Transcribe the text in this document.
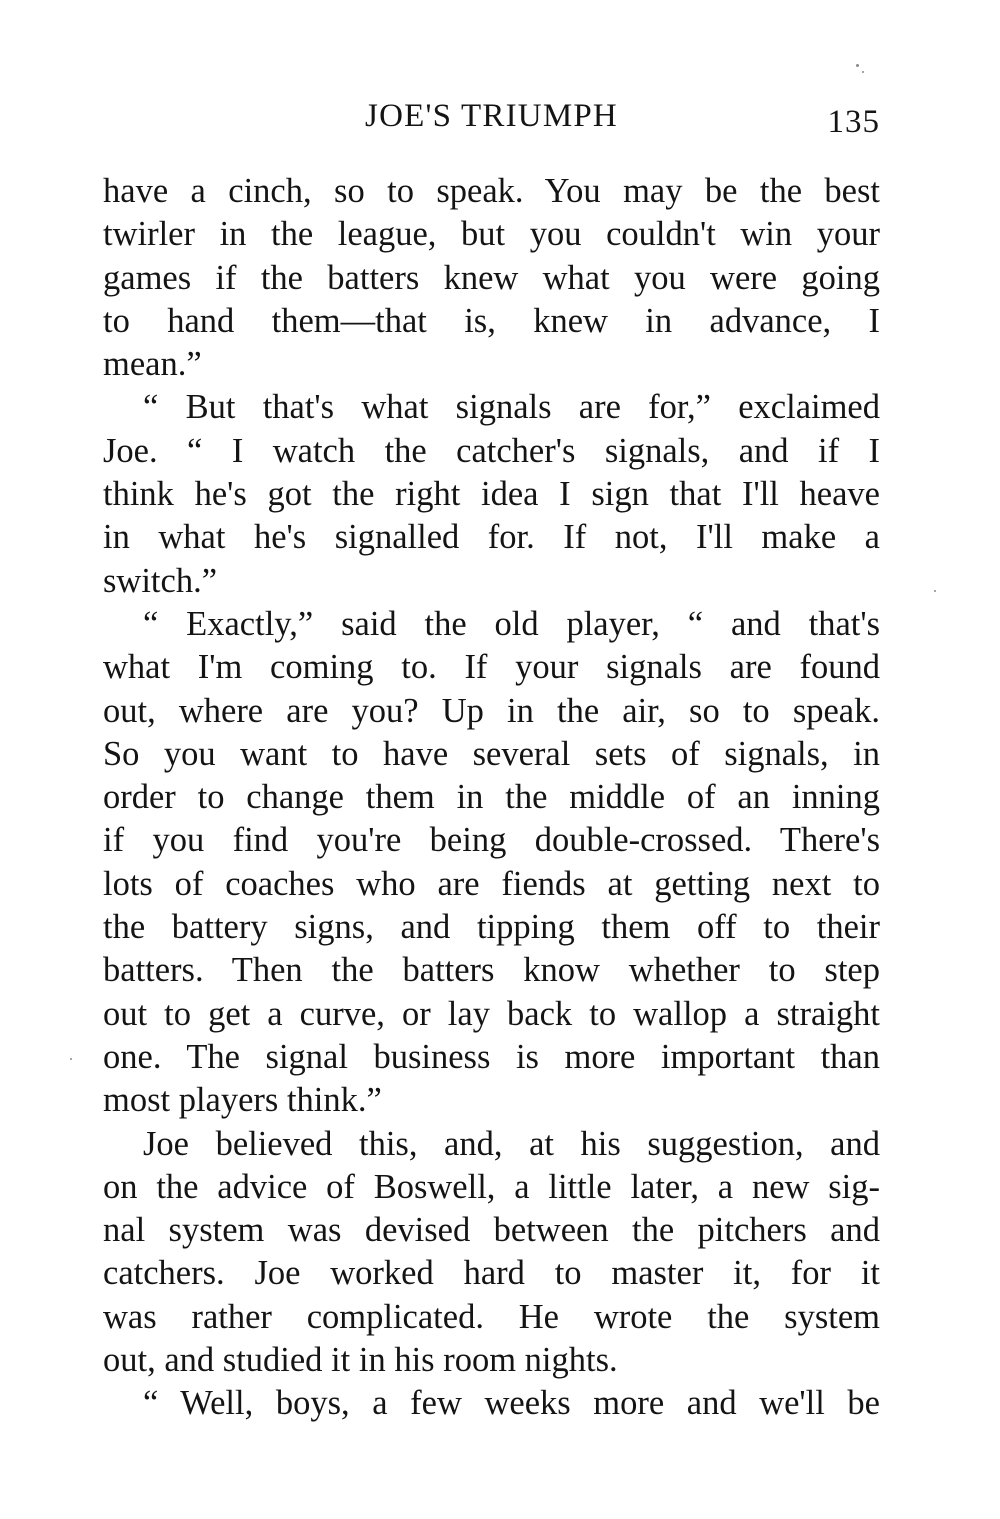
JOE'S TRIUMPH	135
have a cinch, so to speak. You may be the best
twirler in the league, but you couldn't win your
games if the batters knew what you were going
to hand them—that is, knew in advance, I
mean.”
“ But that's what signals are for,” exclaimed
Joe. “ I watch the catcher's signals, and if I
think he's got the right idea I sign that I'll heave
in what he's signalled for. If not, I'll make a
switch.”
“ Exactly,” said the old player, “ and that's
what I'm coming to. If your signals are found
out, where are you? Up in the air, so to speak.
So you want to have several sets of signals, in
order to change them in the middle of an inning
if you find you're being double-crossed. There's
lots of coaches who are fiends at getting next to
the battery signs, and tipping them off to their
batters. Then the batters know whether to step
out to get a curve, or lay back to wallop a straight
one. The signal business is more important than
most players think.”
Joe believed this, and, at his suggestion, and
on the advice of Boswell, a little later, a new sig-
nal system was devised between the pitchers and
catchers. Joe worked hard to master it, for it
was rather complicated. He wrote the system
out, and studied it in his room nights.
“ Well, boys, a few weeks more and we'll be
